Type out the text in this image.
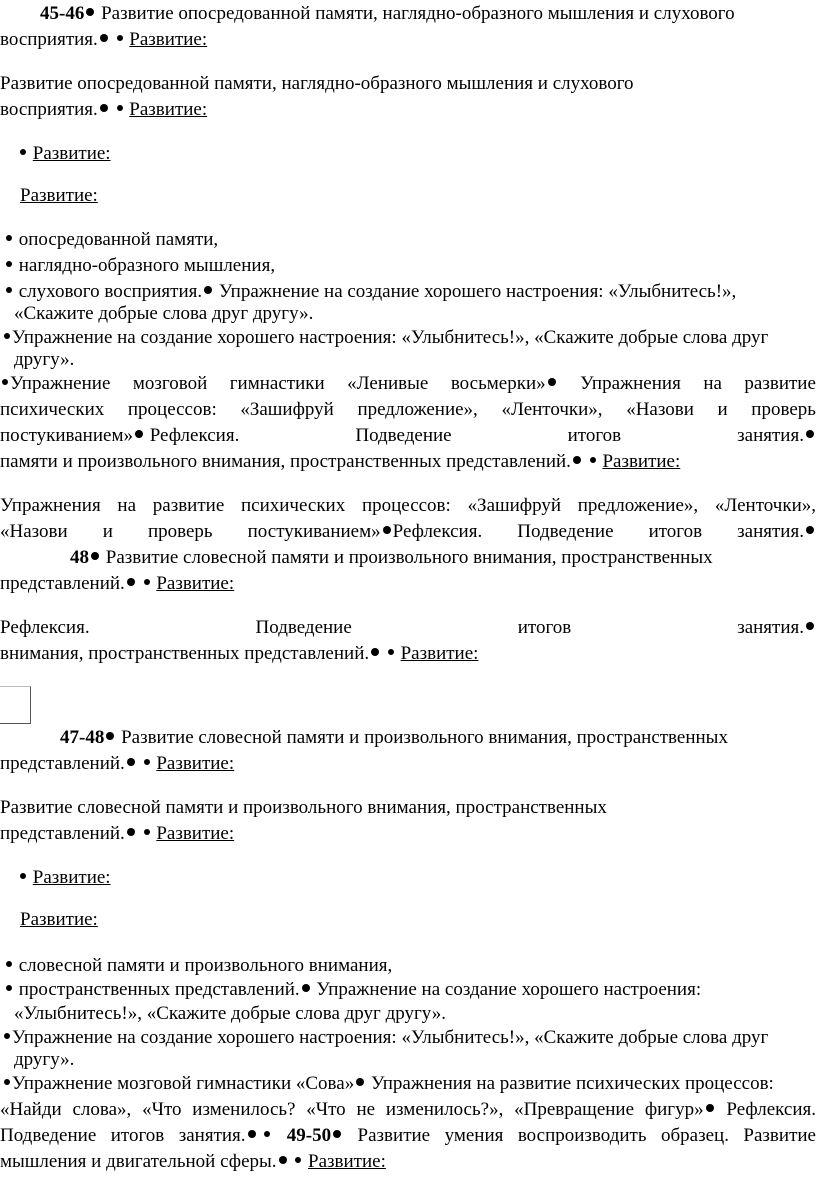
45-46 Развитие опосредованной памяти, наглядно-образного мышления и слухового
восприятия. Развитие:
Развитие опосредованной памяти, наглядно-образного мышления и слухового
восприятия. Развитие:
Развитие:
Развитие:
опосредованной памяти,
наглядно-образного мышления,
слухового восприятия. Упражнение на создание хорошего настроения: «Улыбнитесь!»,
«Скажите добрые слова друг другу».
Упражнение на создание хорошего настроения: «Улыбнитесь!», «Скажите добрые слова друг
другу».
Упражнение мозговой гимнастики «Ленивые восьмерки»	Упражнения на развитие
психических процессов: «Зашифруй предложение», «Ленточки», «Назови и проверь
постукиванием» Рефлексия.	Подведение	итогов	занятия.
памяти и произвольного внимания, пространственных представлений. Развитие:
Упражнения на развитие психических процессов: «Зашифруй предложение», «Ленточки»,
«Назови и проверь постукиванием» Рефлексия. Подведение итогов занятия.
48 Развитие словесной памяти и произвольного внимания, пространственных
представлений. Развитие:
Рефлексия.	Подведение	итогов	занятия.
внимания, пространственных представлений. Развитие:
47-48 Развитие словесной памяти и произвольного внимания, пространственных
представлений. Развитие:
Развитие словесной памяти и произвольного внимания, пространственных
представлений. Развитие:
Развитие:
Развитие:
словесной памяти и произвольного внимания,
пространственных представлений. Упражнение на создание хорошего настроения:
«Улыбнитесь!», «Скажите добрые слова друг другу».
Упражнение на создание хорошего настроения: «Улыбнитесь!», «Скажите добрые слова друг
другу».
Упражнение мозговой гимнастики «Сова» Упражнения на развитие психических процессов:
«Найди слова», «Что изменилось? «Что не изменилось?», «Превращение фигур»	Рефлексия.
Подведение итогов занятия.	49-50	Развитие умения воспроизводить образец. Развитие
мышления и двигательной сферы. Развитие:
